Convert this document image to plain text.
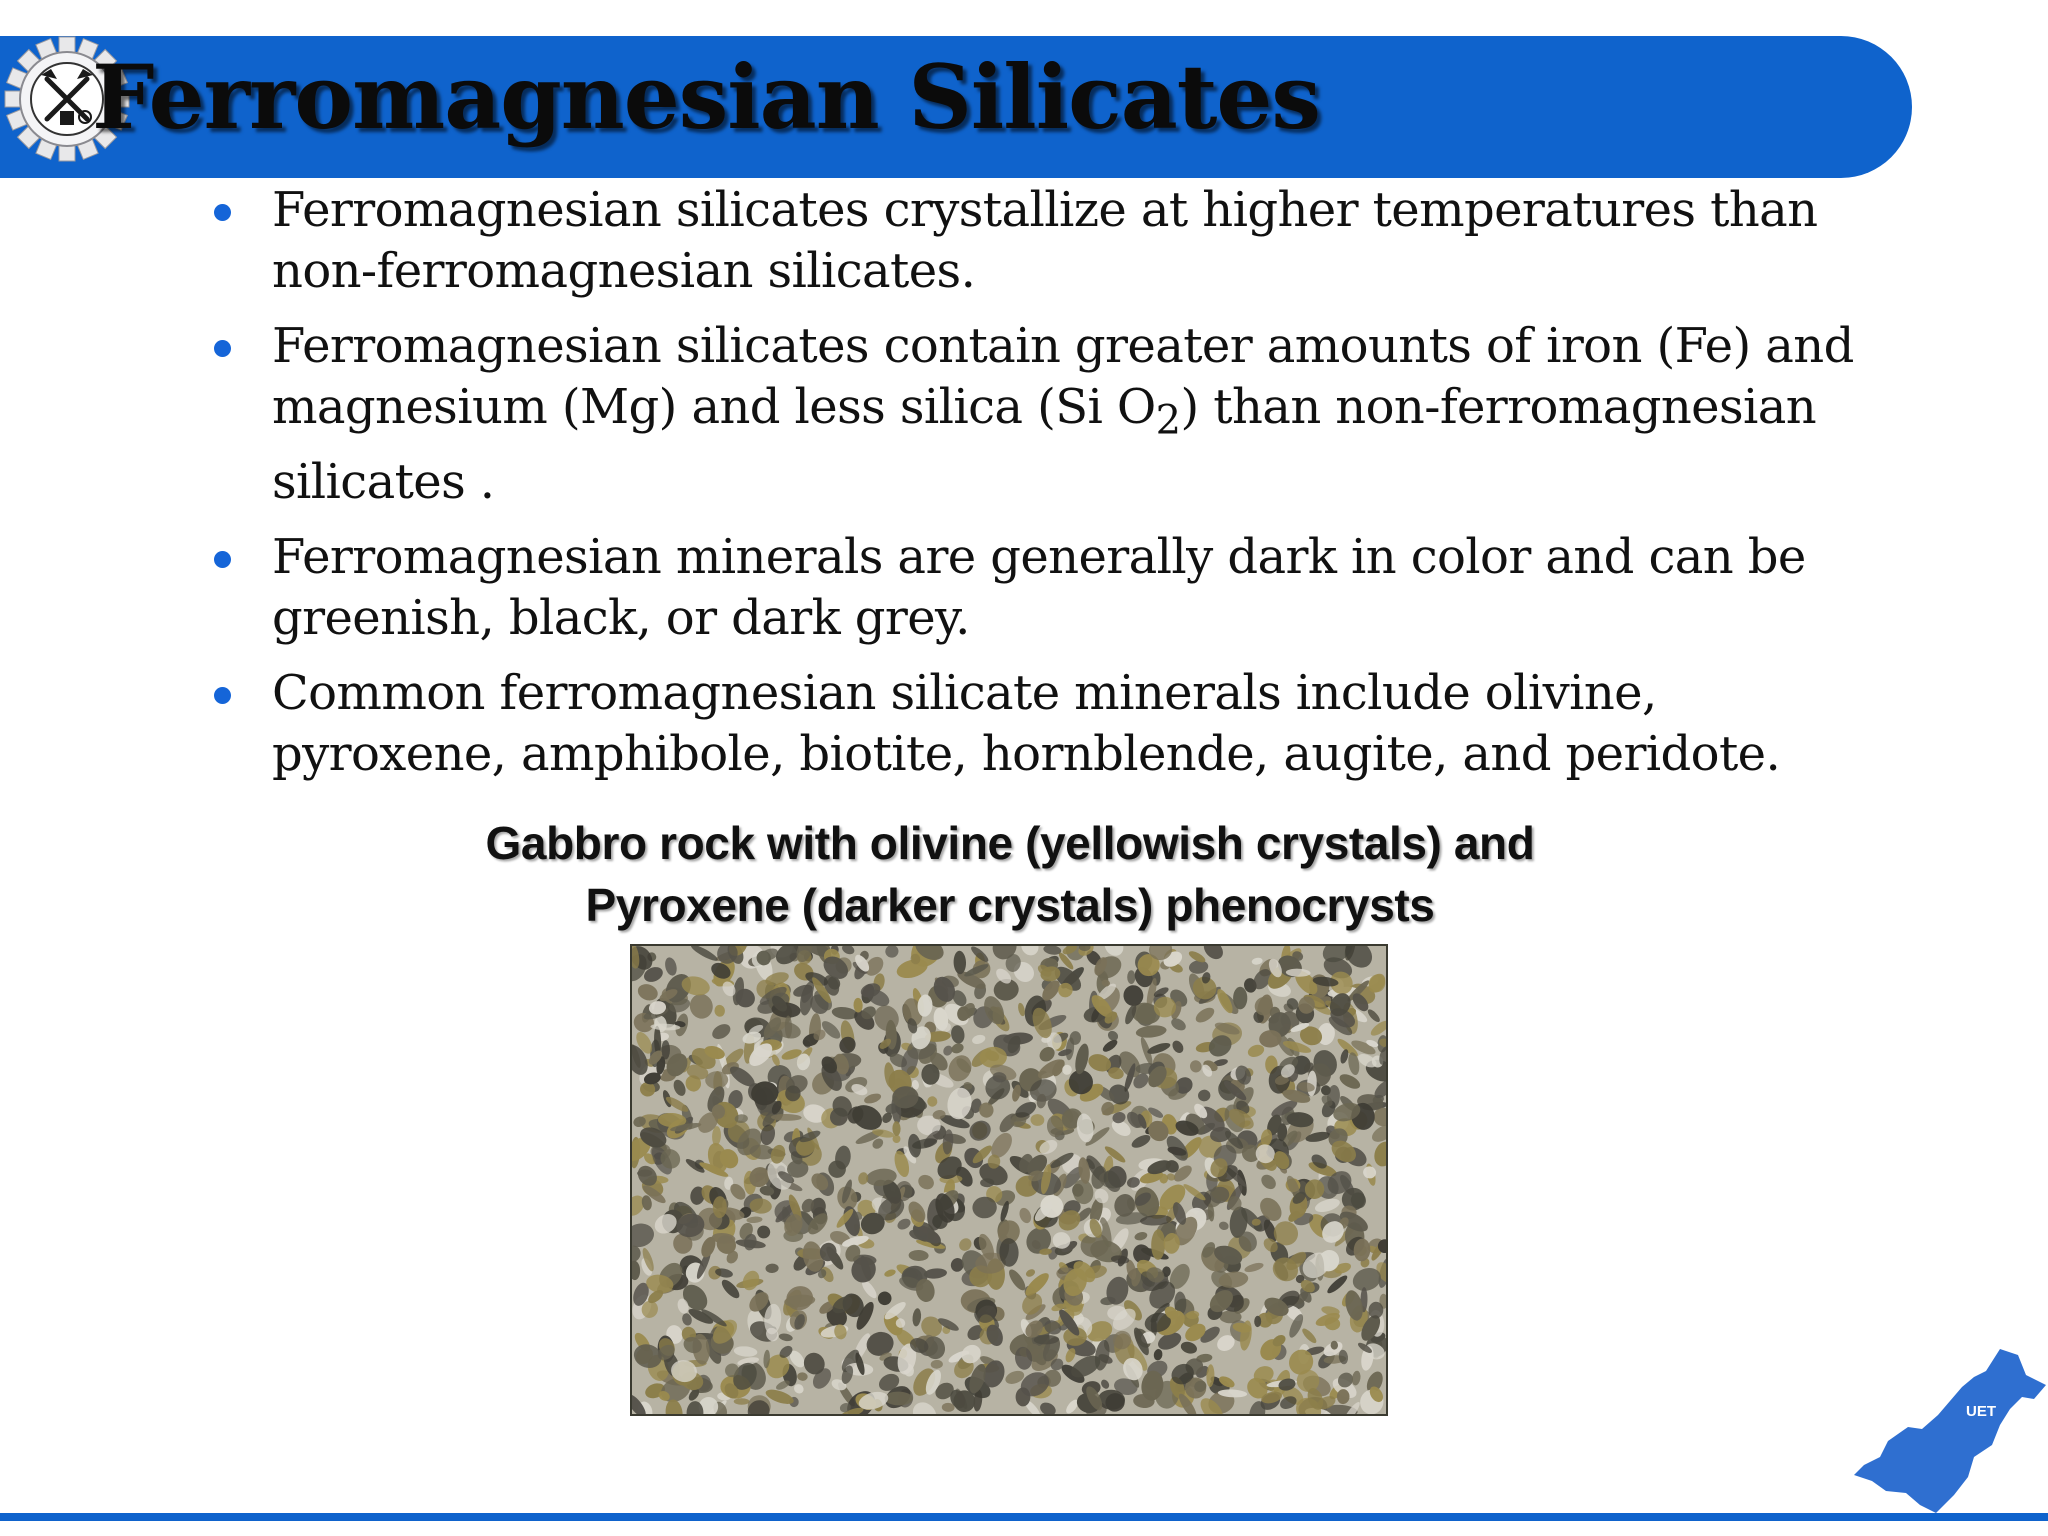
Ferromagnesian Silicates
Ferromagnesian silicates crystallize at higher temperatures than non-ferromagnesian silicates.
Ferromagnesian silicates contain greater amounts of iron (Fe) and magnesium (Mg) and less silica (Si $O_2$) than non-ferromagnesian silicates .
Ferromagnesian minerals are generally dark in color and can be greenish, black, or dark grey.
Common ferromagnesian silicate minerals include olivine, pyroxene, amphibole, biotite, hornblende, augite, and peridote.
Gabbro rock with olivine (yellowish crystals) and
Pyroxene (darker crystals) phenocrysts
UET
